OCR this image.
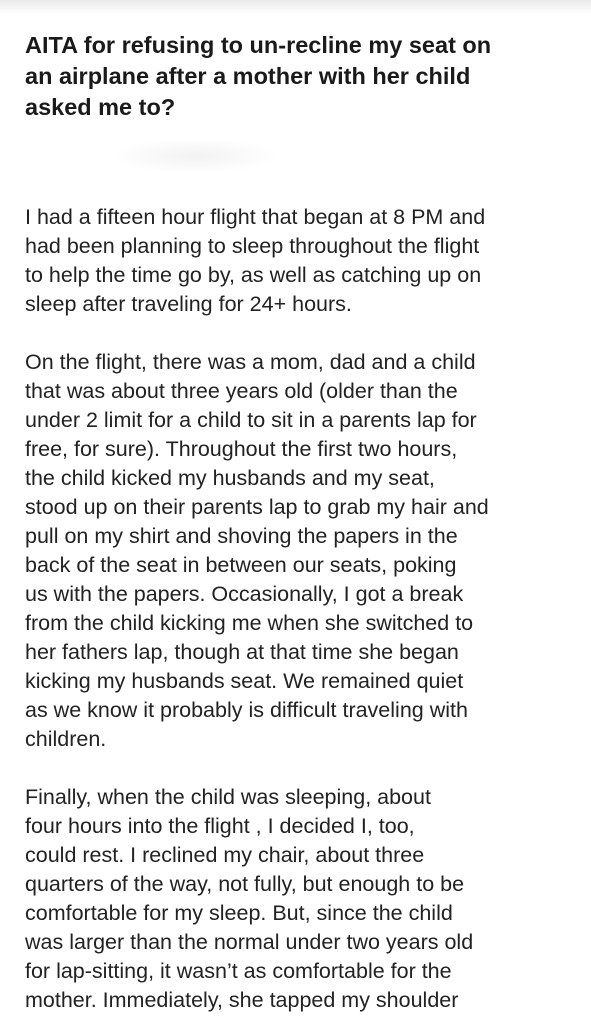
AITA for refusing to un-recline my seat on
an airplane after a mother with her child
asked me to?

I had a fifteen hour flight that began at 8 PM and
had been planning to sleep throughout the flight
to help the time go by, as well as catching up on
sleep after traveling for 24+ hours.

On the flight, there was a mom, dad and a child
that was about three years old (older than the
under 2 limit for a child to sit in a parents lap for
free, for sure). Throughout the first two hours,
the child kicked my husbands and my seat,
stood up on their parents lap to grab my hair and
pull on my shirt and shoving the papers in the
back of the seat in between our seats, poking
us with the papers. Occasionally, I got a break
from the child kicking me when she switched to
her fathers lap, though at that time she began
kicking my husbands seat. We remained quiet
as we know it probably is difficult traveling with
children.

Finally, when the child was sleeping, about
four hours into the flight , I decided I, too,
could rest. I reclined my chair, about three
quarters of the way, not fully, but enough to be
comfortable for my sleep. But, since the child
was larger than the normal under two years old
for lap-sitting, it wasn’t as comfortable for the
mother. Immediately, she tapped my shoulder
